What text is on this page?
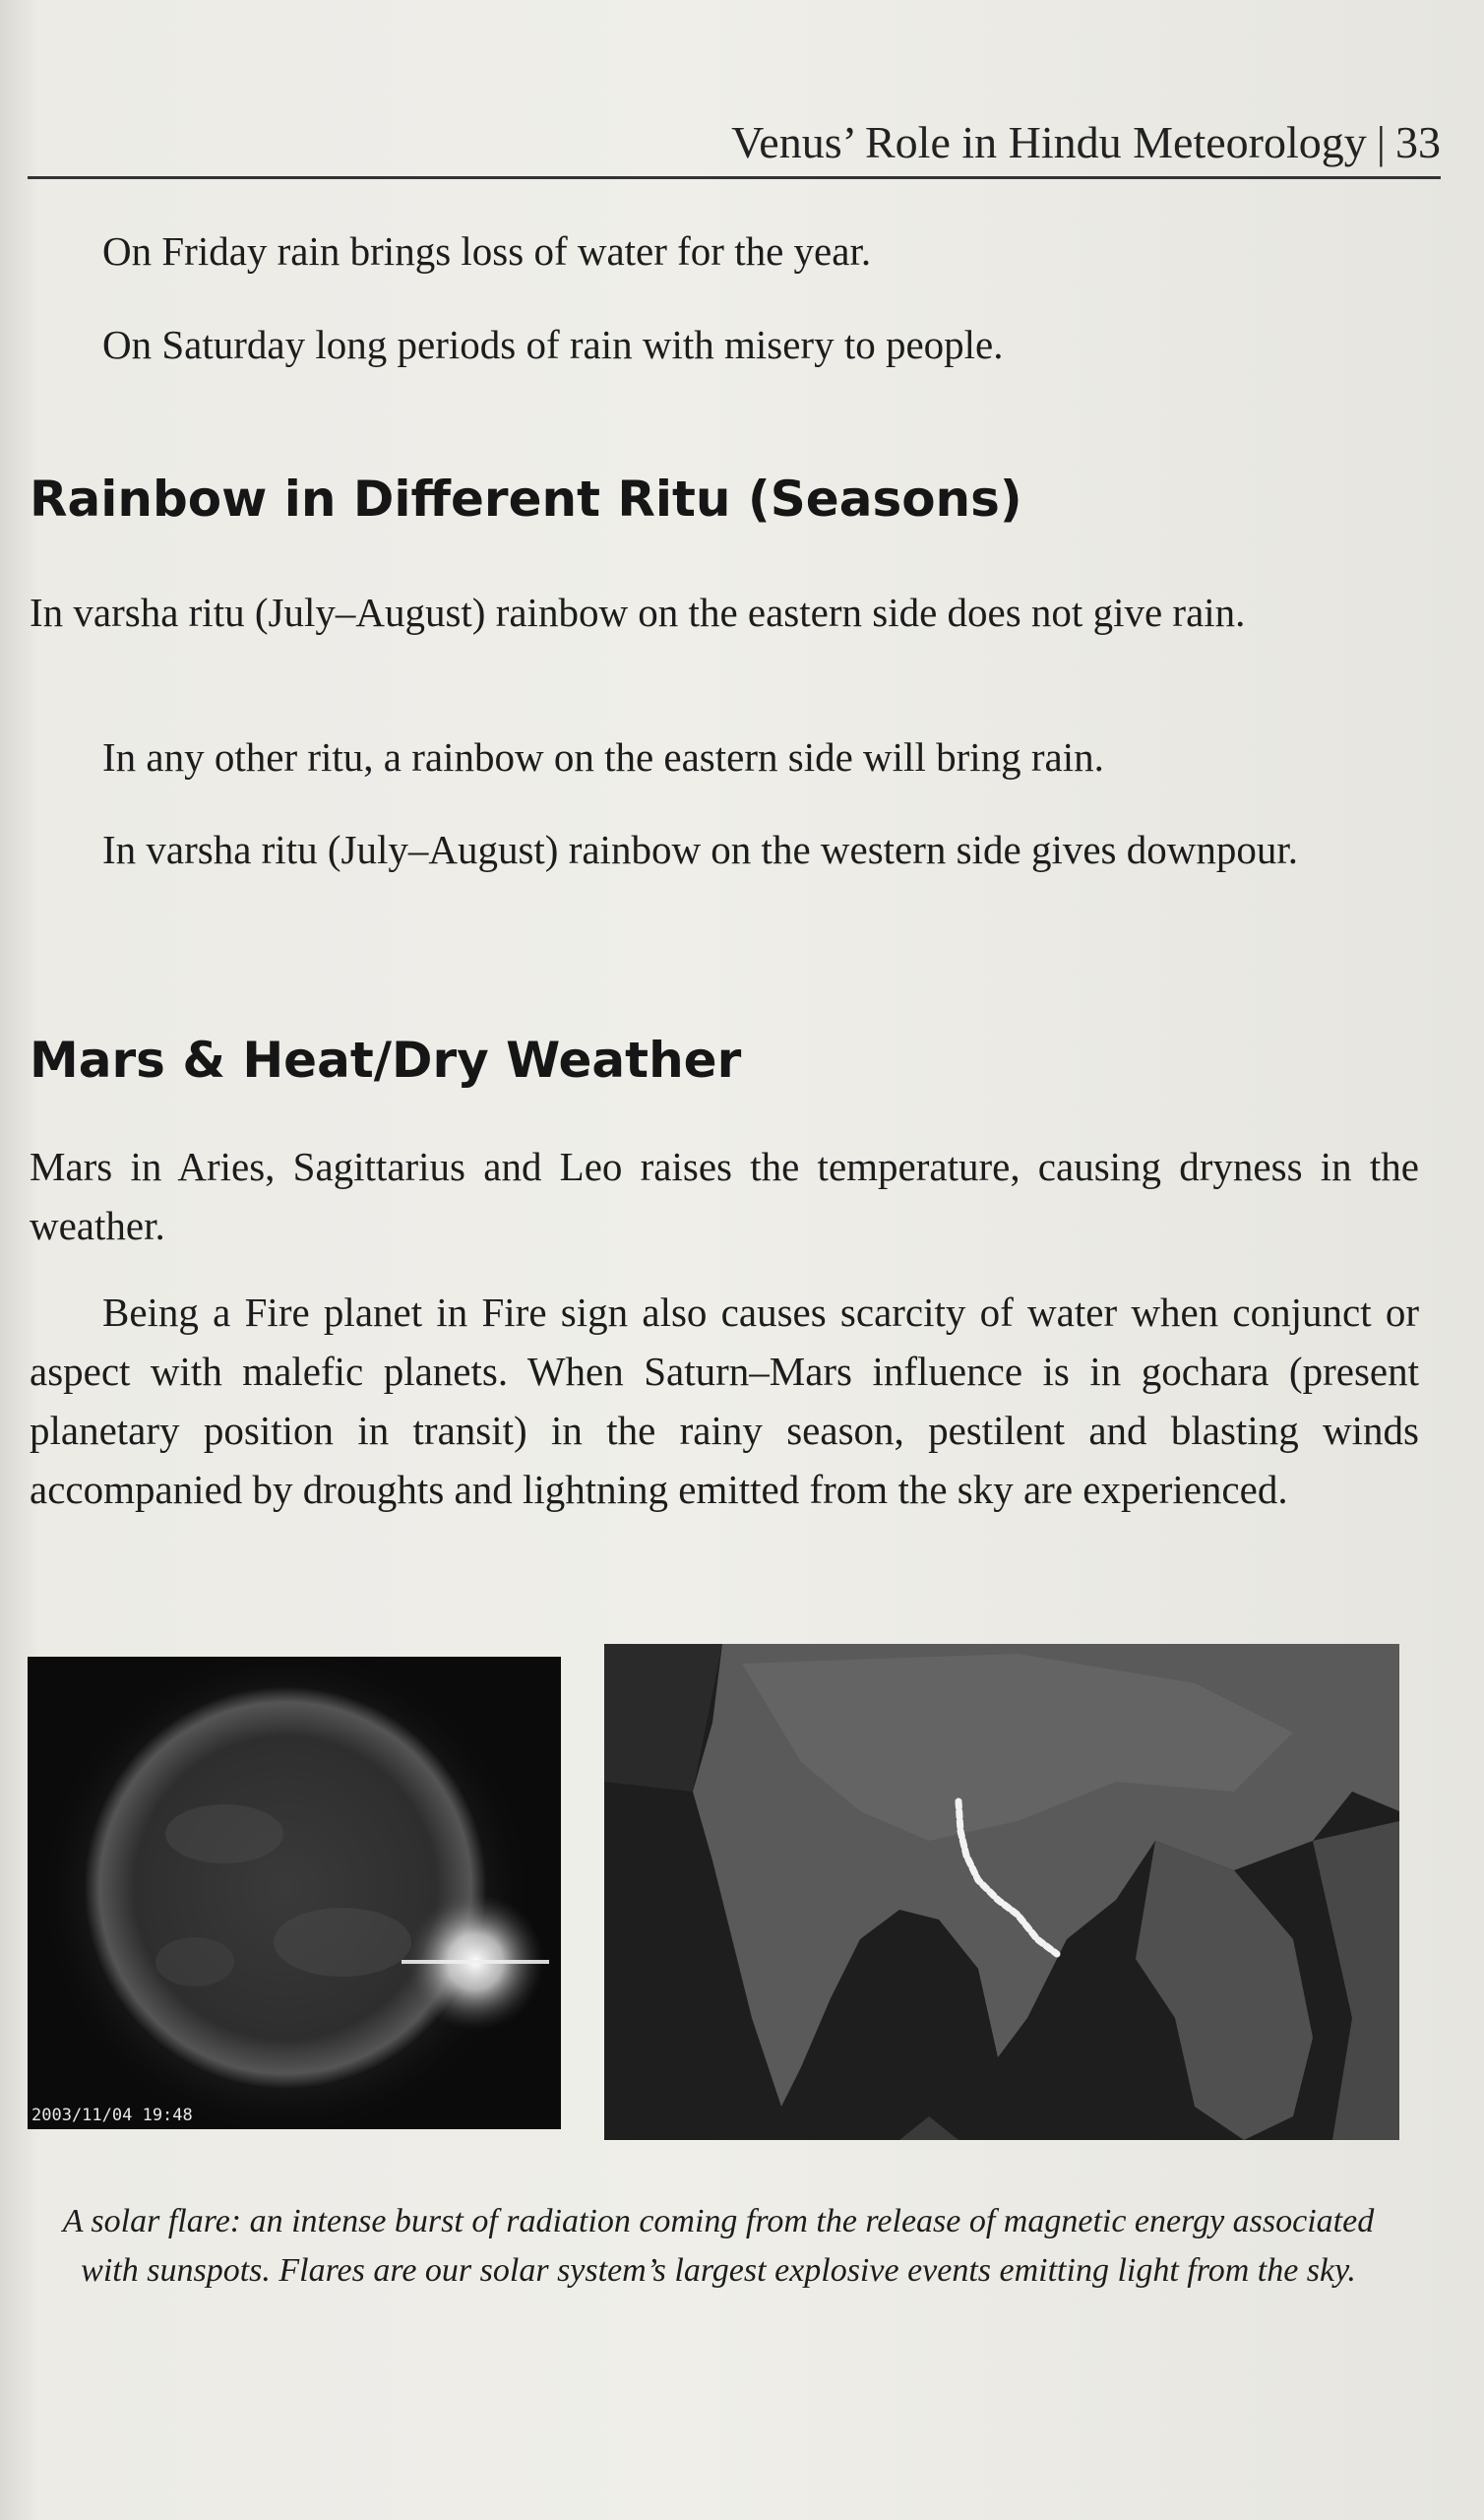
Venus’ Role in Hindu Meteorology | 33
On Friday rain brings loss of water for the year.
On Saturday long periods of rain with misery to people.
Rainbow in Different Ritu (Seasons)
In varsha ritu (July–August) rainbow on the eastern side does not give rain.
In any other ritu, a rainbow on the eastern side will bring rain.
In varsha ritu (July–August) rainbow on the western side gives downpour.
Mars & Heat/Dry Weather
Mars in Aries, Sagittarius and Leo raises the temperature, causing dryness in the weather.
Being a Fire planet in Fire sign also causes scarcity of water when conjunct or aspect with malefic planets. When Saturn–Mars influence is in gochara (present planetary position in transit) in the rainy season, pestilent and blasting winds accompanied by droughts and lightning emitted from the sky are experienced.
2003/11/04 19:48
A solar flare: an intense burst of radiation coming from the release of magnetic energy associated with sunspots. Flares are our solar system’s largest explosive events emitting light from the sky.
